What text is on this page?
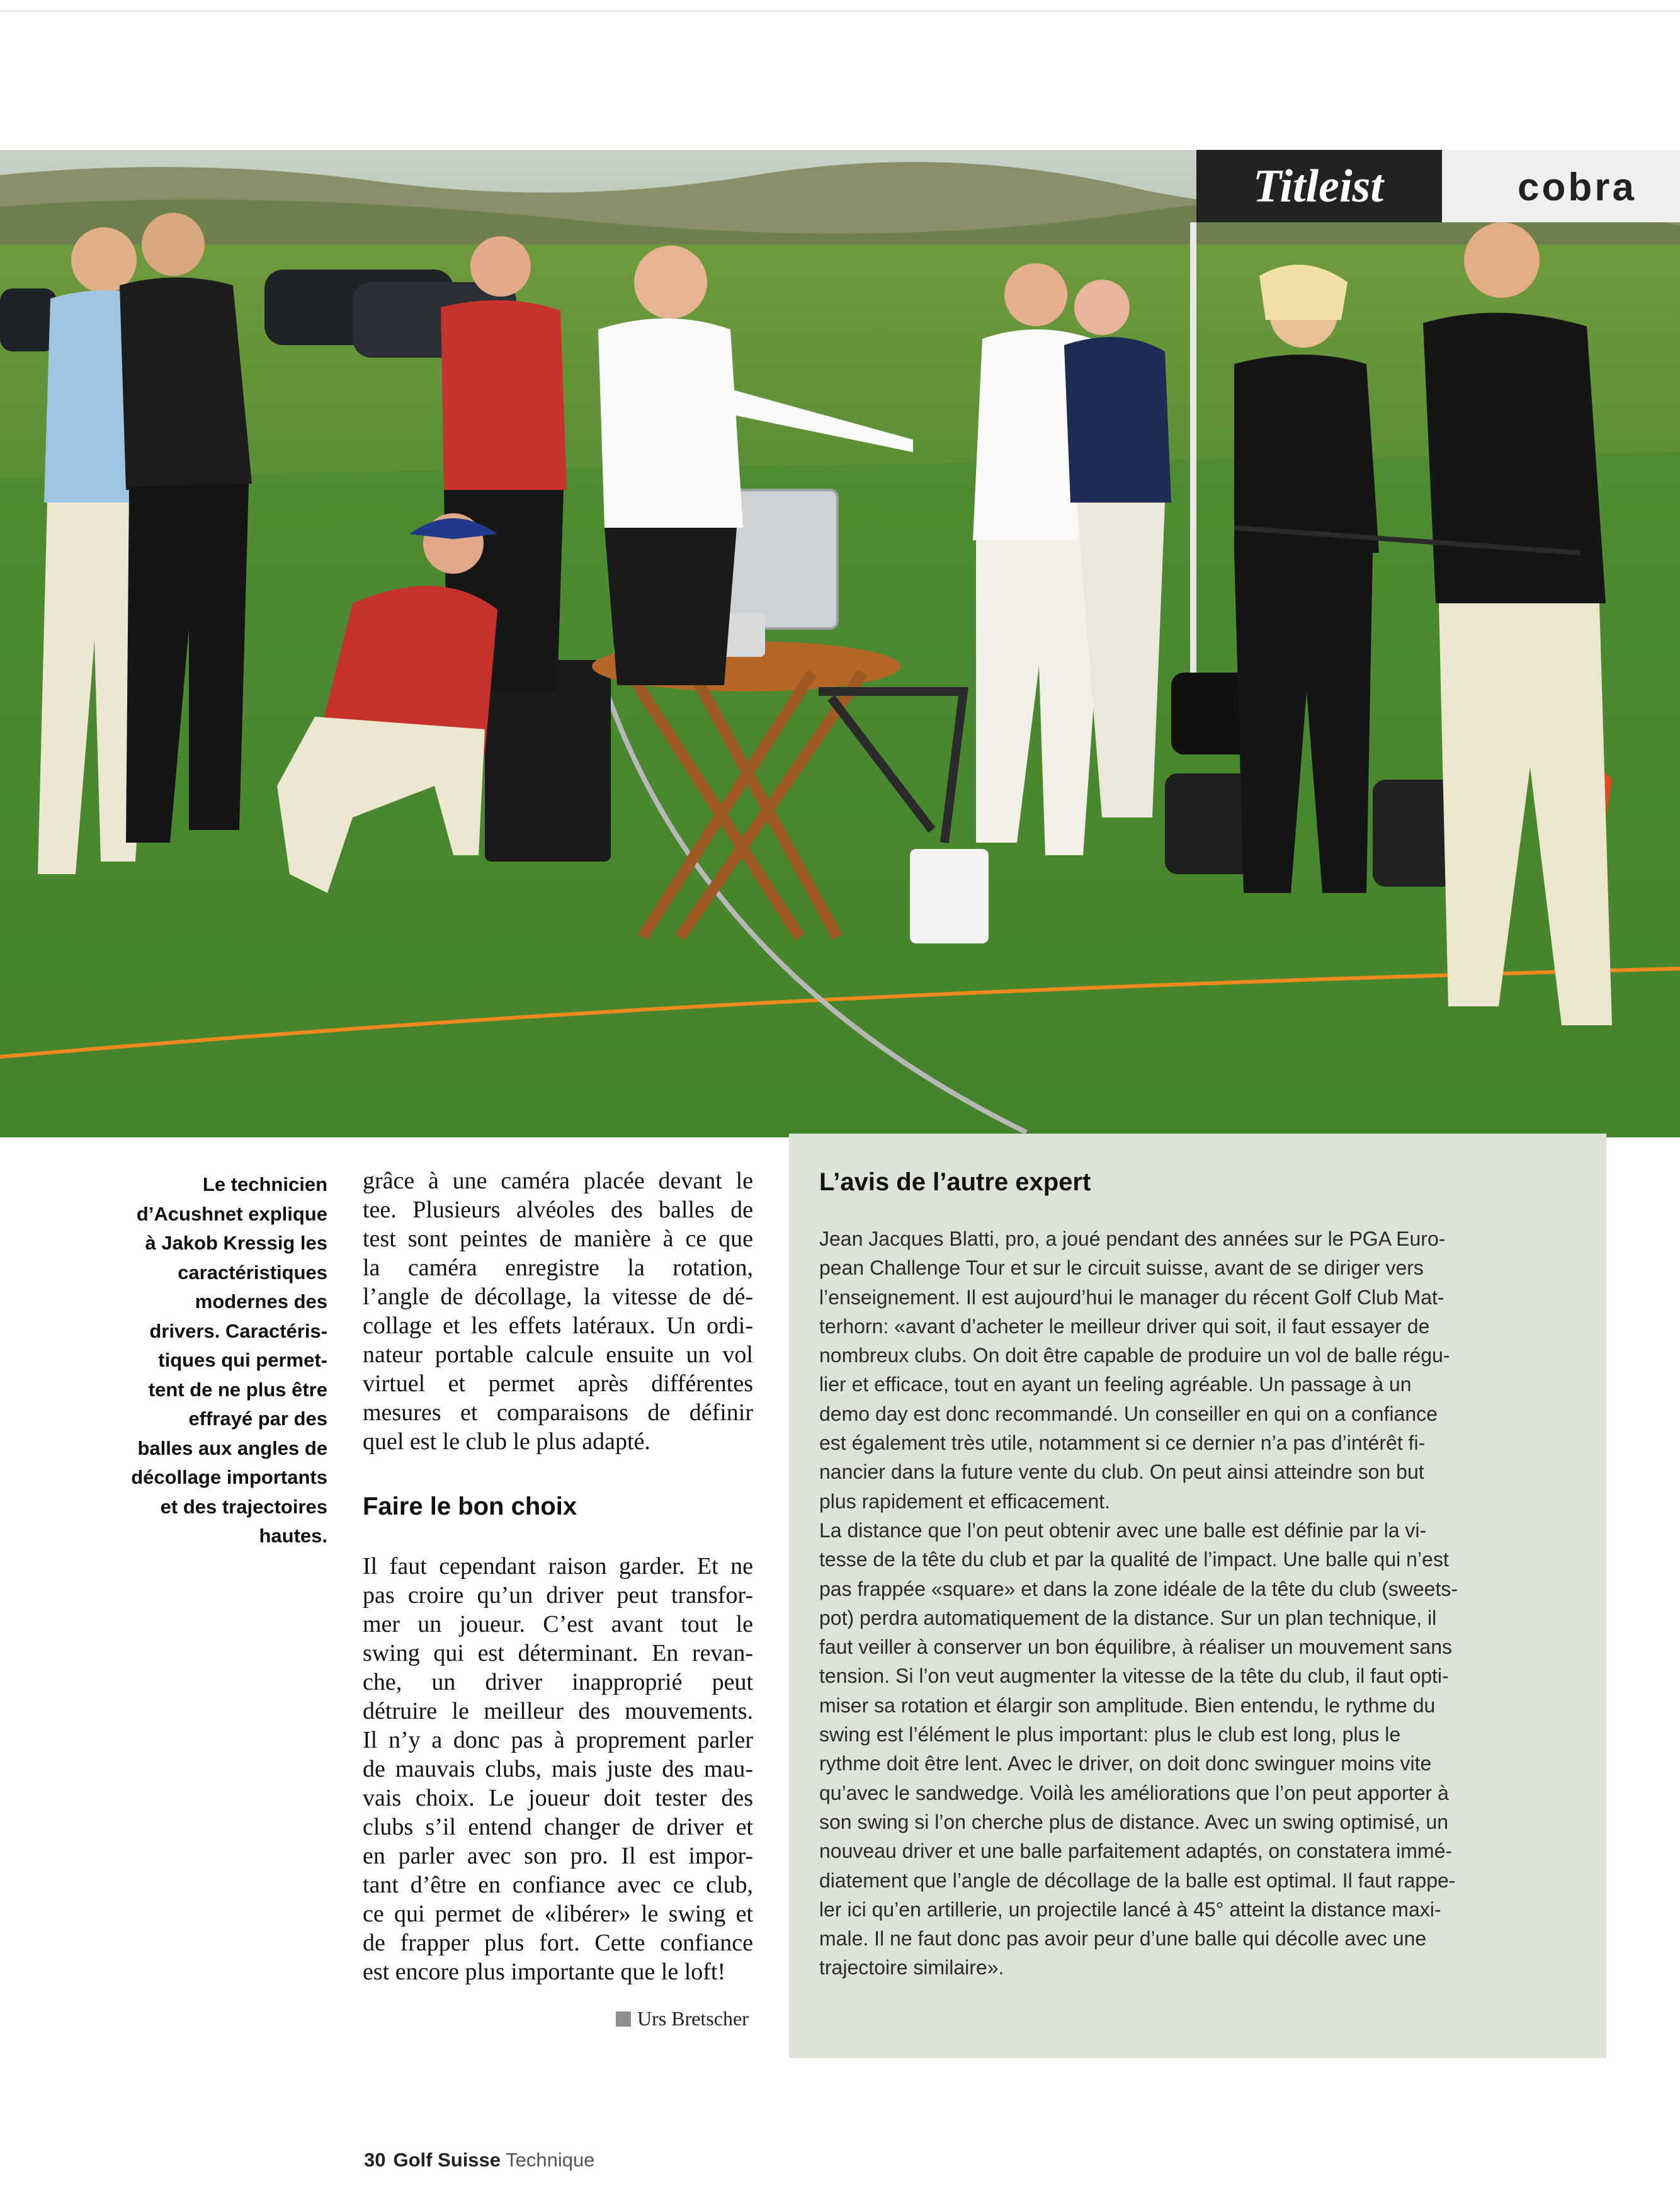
Titleist	cobra
Le technicien
d’Acushnet explique
à Jakob Kressig les
caractéristiques
modernes des
drivers. Caractéris-
tiques qui permet-
tent de ne plus être
effrayé par des
balles aux angles de
décollage importants
et des trajectoires
hautes.
grâce à une caméra placée devant le
tee. Plusieurs alvéoles des balles de
test sont peintes de manière à ce que
la caméra enregistre la rotation,
l’angle de décollage, la vitesse de dé-
collage et les effets latéraux. Un ordi-
nateur portable calcule ensuite un vol
virtuel et permet après différentes
mesures et comparaisons de définir
quel est le club le plus adapté.
Faire le bon choix
Il faut cependant raison garder. Et ne
pas croire qu’un driver peut transfor-
mer un joueur. C’est avant tout le
swing qui est déterminant. En revan-
che, un driver inapproprié peut
détruire le meilleur des mouvements.
Il n’y a donc pas à proprement parler
de mauvais clubs, mais juste des mau-
vais choix. Le joueur doit tester des
clubs s’il entend changer de driver et
en parler avec son pro. Il est impor-
tant d’être en confiance avec ce club,
ce qui permet de «libérer» le swing et
de frapper plus fort. Cette confiance
est encore plus importante que le loft!
Urs Bretscher
L’avis de l’autre expert
Jean Jacques Blatti, pro, a joué pendant des années sur le PGA Euro-
pean Challenge Tour et sur le circuit suisse, avant de se diriger vers
l’enseignement. Il est aujourd’hui le manager du récent Golf Club Mat-
terhorn: «avant d’acheter le meilleur driver qui soit, il faut essayer de
nombreux clubs. On doit être capable de produire un vol de balle régu-
lier et efficace, tout en ayant un feeling agréable. Un passage à un
demo day est donc recommandé. Un conseiller en qui on a confiance
est également très utile, notamment si ce dernier n’a pas d’intérêt fi-
nancier dans la future vente du club. On peut ainsi atteindre son but
plus rapidement et efficacement.
La distance que l’on peut obtenir avec une balle est définie par la vi-
tesse de la tête du club et par la qualité de l’impact. Une balle qui n’est
pas frappée «square» et dans la zone idéale de la tête du club (sweets-
pot) perdra automatiquement de la distance. Sur un plan technique, il
faut veiller à conserver un bon équilibre, à réaliser un mouvement sans
tension. Si l’on veut augmenter la vitesse de la tête du club, il faut opti-
miser sa rotation et élargir son amplitude. Bien entendu, le rythme du
swing est l’élément le plus important: plus le club est long, plus le
rythme doit être lent. Avec le driver, on doit donc swinguer moins vite
qu’avec le sandwedge. Voilà les améliorations que l’on peut apporter à
son swing si l’on cherche plus de distance. Avec un swing optimisé, un
nouveau driver et une balle parfaitement adaptés, on constatera immé-
diatement que l’angle de décollage de la balle est optimal. Il faut rappe-
ler ici qu’en artillerie, un projectile lancé à 45° atteint la distance maxi-
male. Il ne faut donc pas avoir peur d’une balle qui décolle avec une
trajectoire similaire».
30 Golf Suisse Technique
